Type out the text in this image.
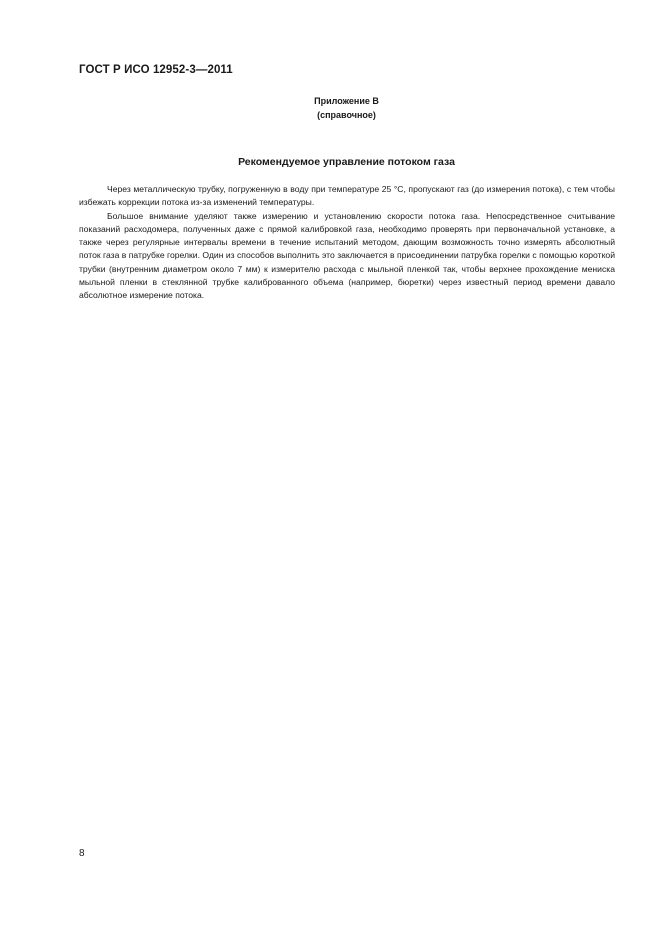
ГОСТ Р ИСО 12952-3—2011
Приложение В
(справочное)
Рекомендуемое управление потоком газа

Через металлическую трубку, погруженную в воду при температуре 25 °С, пропускают газ (до измерения потока), с тем чтобы избежать коррекции потока из-за изменений температуры.

Большое внимание уделяют также измерению и установлению скорости потока газа. Непосредственное считывание показаний расходомера, полученных даже с прямой калибровкой газа, необходимо проверять при первоначальной установке, а также через регулярные интервалы времени в течение испытаний методом, дающим возможность точно измерять абсолютный поток газа в патрубке горелки. Один из способов выполнить это заключается в присоединении патрубка горелки с помощью короткой трубки (внутренним диаметром около 7 мм) к измерителю расхода с мыльной пленкой так, чтобы верхнее прохождение мениска мыльной пленки в стеклянной трубке калиброванного объема (например, бюретки) через известный период времени давало абсолютное измерение потока.

8
